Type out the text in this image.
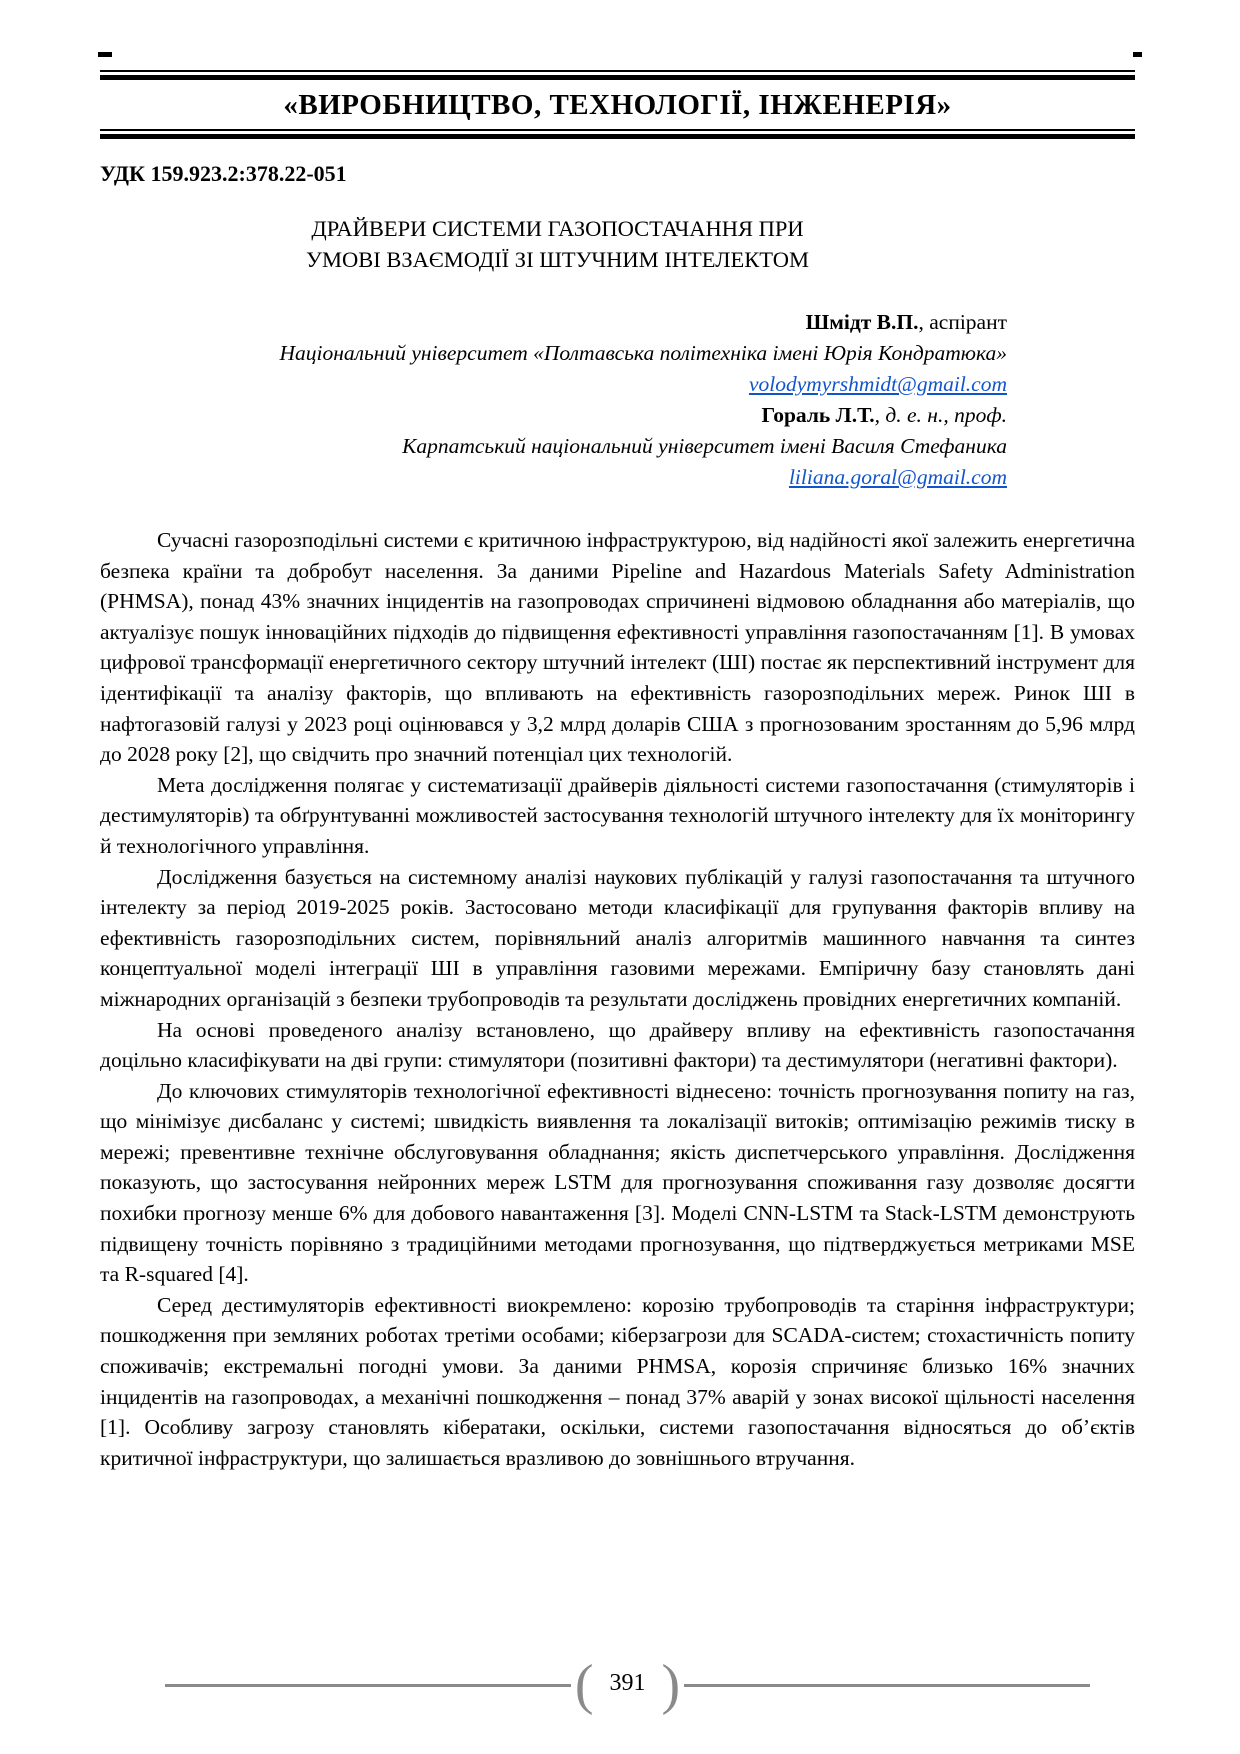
«ВИРОБНИЦТВО, ТЕХНОЛОГІЇ, ІНЖЕНЕРІЯ»
УДК 159.923.2:378.22-051
ДРАЙВЕРИ СИСТЕМИ ГАЗОПОСТАЧАННЯ ПРИ
УМОВІ ВЗАЄМОДІЇ ЗІ ШТУЧНИМ ІНТЕЛЕКТОМ

Шмідт В.П., аспірант

Національний університет «Полтавська політехніка імені Юрія Кондратюка»

volodymyrshmidt@gmail.com

Гораль Л.Т., д. е. н., проф.

Карпатський національний університет імені Василя Стефаника

liliana.goral@gmail.com

Сучасні газорозподільні системи є критичною інфраструктурою, від надійності якої залежить енергетична безпека країни та добробут населення. За даними Pipeline and Hazardous Materials Safety Administration (PHMSA), понад 43% значних інцидентів на газопроводах спричинені відмовою обладнання або матеріалів, що актуалізує пошук інноваційних підходів до підвищення ефективності управління газопостачанням [1]. В умовах цифрової трансформації енергетичного сектору штучний інтелект (ШІ) постає як перспективний інструмент для ідентифікації та аналізу факторів, що впливають на ефективність газорозподільних мереж. Ринок ШІ в нафтогазовій галузі у 2023 році оцінювався у 3,2 млрд доларів США з прогнозованим зростанням до 5,96 млрд до 2028 року [2], що свідчить про значний потенціал цих технологій.

Мета дослідження полягає у систематизації драйверів діяльності системи газопостачання (стимуляторів і дестимуляторів) та обґрунтуванні можливостей застосування технологій штучного інтелекту для їх моніторингу й технологічного управління.

Дослідження базується на системному аналізі наукових публікацій у галузі газопостачання та штучного інтелекту за період 2019-2025 років. Застосовано методи класифікації для групування факторів впливу на ефективність газорозподільних систем, порівняльний аналіз алгоритмів машинного навчання та синтез концептуальної моделі інтеграції ШІ в управління газовими мережами. Емпіричну базу становлять дані міжнародних організацій з безпеки трубопроводів та результати досліджень провідних енергетичних компаній.

На основі проведеного аналізу встановлено, що драйверу впливу на ефективність газопостачання доцільно класифікувати на дві групи: стимулятори (позитивні фактори) та дестимулятори (негативні фактори).

До ключових стимуляторів технологічної ефективності віднесено: точність прогнозування попиту на газ, що мінімізує дисбаланс у системі; швидкість виявлення та локалізації витоків; оптимізацію режимів тиску в мережі; превентивне технічне обслуговування обладнання; якість диспетчерського управління. Дослідження показують, що застосування нейронних мереж LSTM для прогнозування споживання газу дозволяє досягти похибки прогнозу менше 6% для добового навантаження [3]. Моделі CNN-LSTM та Stack-LSTM демонструють підвищену точність порівняно з традиційними методами прогнозування, що підтверджується метриками MSE та R-squared [4].

Серед дестимуляторів ефективності виокремлено: корозію трубопроводів та старіння інфраструктури; пошкодження при земляних роботах третіми особами; кіберзагрози для SCADA-систем; стохастичність попиту споживачів; екстремальні погодні умови. За даними PHMSA, корозія спричиняє близько 16% значних інцидентів на газопроводах, а механічні пошкодження – понад 37% аварій у зонах високої щільності населення [1]. Особливу загрозу становлять кібератаки, оскільки, системи газопостачання відносяться до обʼєктів критичної інфраструктури, що залишається вразливою до зовнішнього втручання.

( 391 )
